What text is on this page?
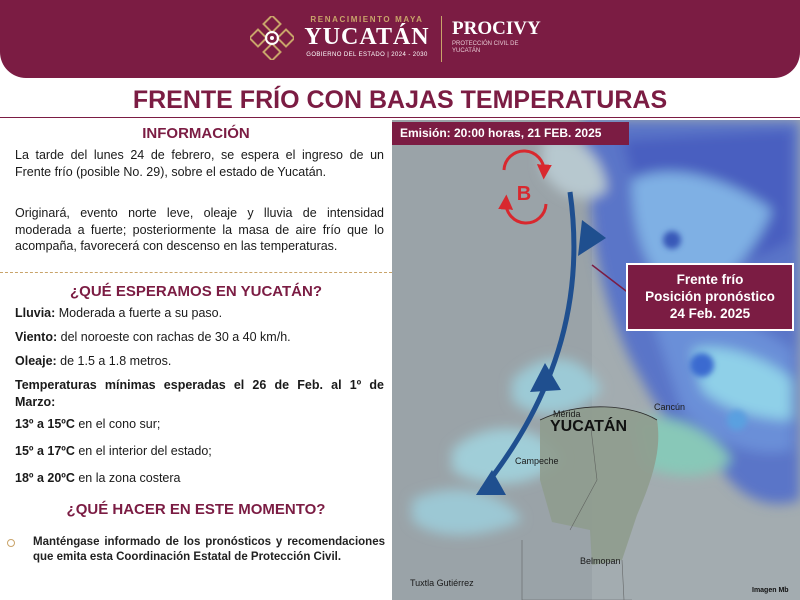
RENACIMIENTO MAYA
YUCATÁN
GOBIERNO DEL ESTADO | 2024 - 2030
PROCIVY
PROTECCIÓN CIVIL DE YUCATÁN
FRENTE FRÍO CON BAJAS TEMPERATURAS
INFORMACIÓN
La tarde del lunes 24 de febrero, se espera el ingreso de un Frente frío (posible No. 29), sobre el estado de Yucatán.
Originará, evento norte leve, oleaje y lluvia de intensidad moderada a fuerte; posteriormente la masa de aire frío que lo acompaña, favorecerá con descenso en las temperaturas.
¿QUÉ ESPERAMOS EN YUCATÁN?
Lluvia: Moderada a fuerte a su paso.
Viento: del noroeste con rachas de 30 a 40 km/h.
Oleaje: de 1.5 a 1.8 metros.
Temperaturas mínimas esperadas el 26 de Feb. al 1º de Marzo:
13º a 15ºC en el cono sur;
15º a 17ºC en el interior del estado;
18º a 20ºC en la zona costera
¿QUÉ HACER EN ESTE MOMENTO?
Manténgase informado de los pronósticos y recomendaciones que emita esta Coordinación Estatal de Protección Civil.
B
Emisión: 20:00 horas, 21 FEB. 2025
Frente frío
Posición pronóstico
24 Feb. 2025
Mérida
YUCATÁN
Cancún
Campeche
Belmopan
Tuxtla Gutiérrez
Imagen Mb
